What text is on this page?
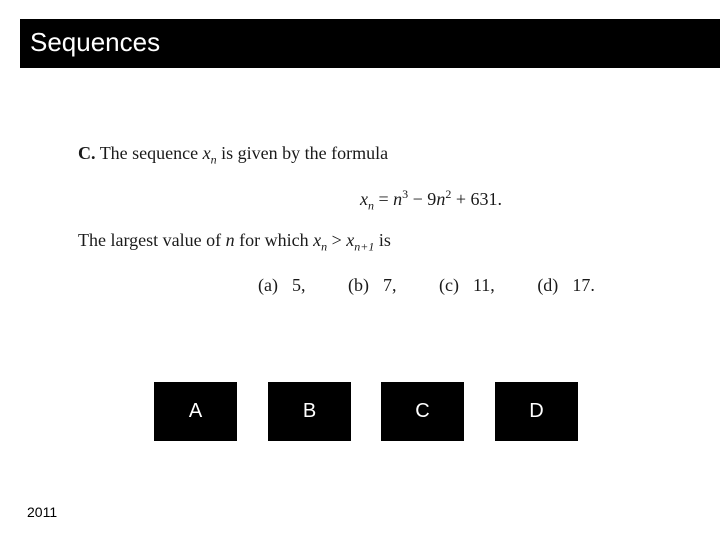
Sequences
C. The sequence $x_n$ is given by the formula
$x_n = n^3 - 9n^2 + 631$.
The largest value of n for which $x_n > x_{n+1}$ is
(a) 5, (b) 7, (c) 11, (d) 17.
A	B	C	D
2011
